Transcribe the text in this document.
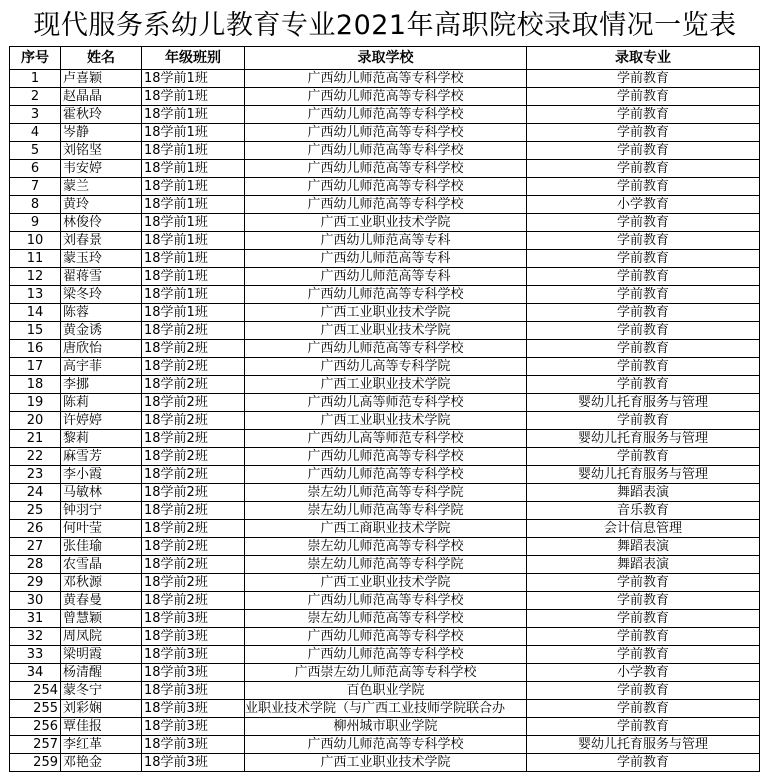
现代服务系幼儿教育专业2021年高职院校录取情况一览表
序号	姓名	年级班别	录取学校	录取专业
1	卢喜颖	18学前1班	广西幼儿师范高等专科学校	学前教育
2	赵晶晶	18学前1班	广西幼儿师范高等专科学校	学前教育
3	霍秋玲	18学前1班	广西幼儿师范高等专科学校	学前教育
4	岑静	18学前1班	广西幼儿师范高等专科学校	学前教育
5	刘铭坚	18学前1班	广西幼儿师范高等专科学校	学前教育
6	韦安婷	18学前1班	广西幼儿师范高等专科学校	学前教育
7	蒙兰	18学前1班	广西幼儿师范高等专科学校	学前教育
8	黄玲	18学前1班	广西幼儿师范高等专科学校	小学教育
9	林俊伶	18学前1班	广西工业职业技术学院	学前教育
10	刘春景	18学前1班	广西幼儿师范高等专科	学前教育
11	蒙玉玲	18学前1班	广西幼儿师范高等专科	学前教育
12	翟蒋雪	18学前1班	广西幼儿师范高等专科	学前教育
13	梁冬玲	18学前1班	广西幼儿师范高等专科学校	学前教育
14	陈蓉	18学前1班	广西工业职业技术学院	学前教育
15	黄金诱	18学前2班	广西工业职业技术学院	学前教育
16	唐欣怡	18学前2班	广西幼儿师范高等专科学校	学前教育
17	高宇菲	18学前2班	广西幼儿高等专科学院	学前教育
18	李挪	18学前2班	广西工业职业技术学院	学前教育
19	陈莉	18学前2班	广西幼儿高等师范专科学校	婴幼儿托育服务与管理
20	许婷婷	18学前2班	广西工业职业技术学院	学前教育
21	黎莉	18学前2班	广西幼儿高等师范专科学校	婴幼儿托育服务与管理
22	麻雪芳	18学前2班	广西幼儿师范高等专科学校	学前教育
23	李小霞	18学前2班	广西幼儿师范高等专科学校	婴幼儿托育服务与管理
24	马敏林	18学前2班	崇左幼儿师范高等专科学院	舞蹈表演
25	钟羽宁	18学前2班	崇左幼儿师范高等专科学院	音乐教育
26	何叶莹	18学前2班	广西工商职业技术学院	会计信息管理
27	张佳瑜	18学前2班	崇左幼儿师范高等专科学校	舞蹈表演
28	农雪晶	18学前2班	崇左幼儿师范高等专科学院	舞蹈表演
29	邓秋源	18学前2班	广西工业职业技术学院	学前教育
30	黄春曼	18学前2班	广西幼儿师范高等专科学校	学前教育
31	曾慧颖	18学前3班	崇左幼儿师范高等专科学校	学前教育
32	周凤院	18学前3班	广西幼儿师范高等专科学校	学前教育
33	梁明霞	18学前3班	广西幼儿师范高等专科学校	学前教育
34	杨清醒	18学前3班	广西崇左幼儿师范高等专科学校	小学教育
254	蒙冬宁	18学前3班	百色职业学院	学前教育
255	刘彩娴	18学前3班	业职业技术学院（与广西工业技师学院联合办	学前教育
256	覃佳报	18学前3班	柳州城市职业学院	学前教育
257	李红革	18学前3班	广西幼儿师范高等专科学校	婴幼儿托育服务与管理
259	邓艳金	18学前3班	广西工业职业技术学院	学前教育
